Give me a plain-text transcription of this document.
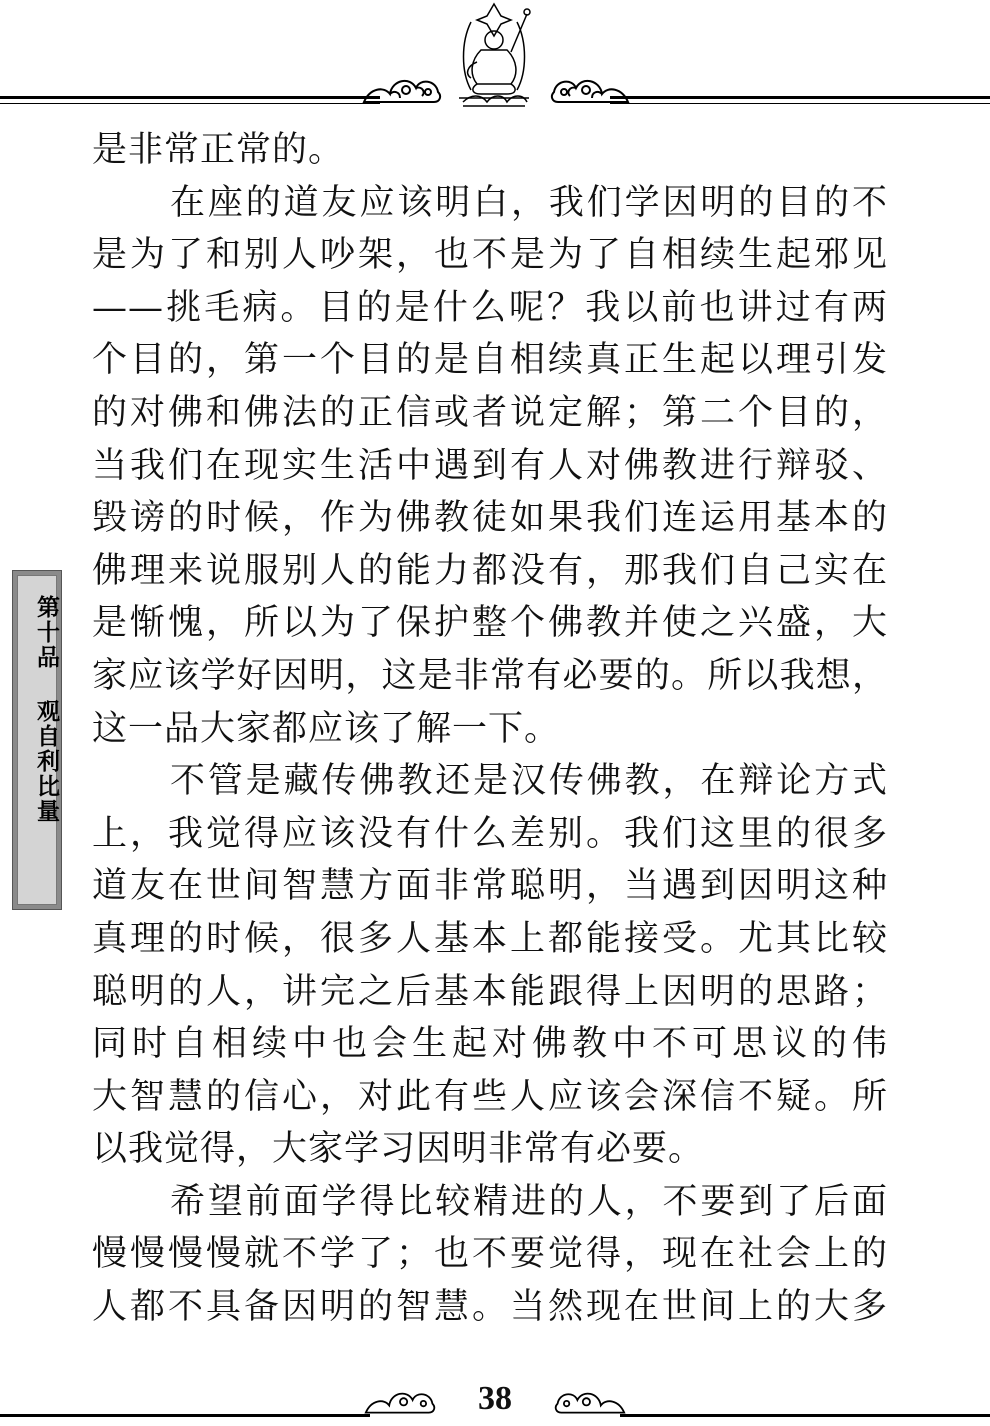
是非常正常的。
在座的道友应该明白，我们学因明的目的不
是为了和别人吵架，也不是为了自相续生起邪见
——挑毛病。目的是什么呢？我以前也讲过有两
个目的，第一个目的是自相续真正生起以理引发
的对佛和佛法的正信或者说定解；第二个目的，
当我们在现实生活中遇到有人对佛教进行辩驳、
毁谤的时候，作为佛教徒如果我们连运用基本的
佛理来说服别人的能力都没有，那我们自己实在
是惭愧，所以为了保护整个佛教并使之兴盛，大
家应该学好因明，这是非常有必要的。所以我想，
这一品大家都应该了解一下。
不管是藏传佛教还是汉传佛教，在辩论方式
上，我觉得应该没有什么差别。我们这里的很多
道友在世间智慧方面非常聪明，当遇到因明这种
真理的时候，很多人基本上都能接受。尤其比较
聪明的人，讲完之后基本能跟得上因明的思路；
同时自相续中也会生起对佛教中不可思议的伟
大智慧的信心，对此有些人应该会深信不疑。所
以我觉得，大家学习因明非常有必要。
希望前面学得比较精进的人，不要到了后面
慢慢慢慢就不学了；也不要觉得，现在社会上的
人都不具备因明的智慧。当然现在世间上的大多
第十品 观自利比量
38
